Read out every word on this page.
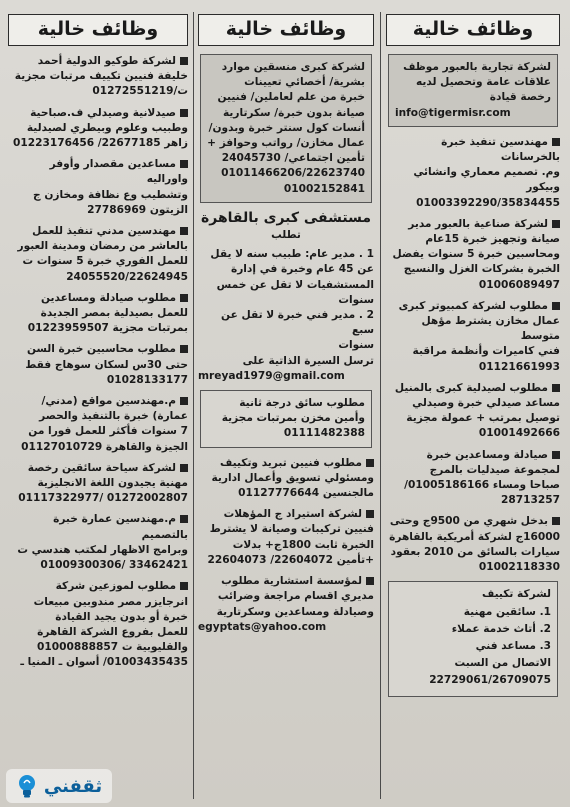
وظائف خالية
لشركة تجارية بالعبور موظف
علاقات عامة وتحصيل لديه
رخصة قيادة
info@tigermisr.com
مهندسين تنفيذ خبرة بالخرسانات
وم. تصميم معماري وانشائي وبيكور
01003392290/35834455
لشركة صناعية بالعبور مدير
صيانة وتجهيز خبرة 15عام
ومحاسبين خبرة 5 سنوات يفضل
الخبرة بشركات الغزل والنسيج
01006089497
مطلوب لشركة كمبيوتر كبرى
عمال مخازن يشترط مؤهل متوسط
فني كاميرات وأنظمة مراقبة
01121661993
مطلوب لصيدلية كبرى بالمنيل
مساعد صيدلي خبرة وصيدلي
توصيل بمرتب + عمولة مجزية
01001492666
صيادلة ومساعدين خبرة
لمجموعة صيدليات بالمرج
صباحا ومساء 01005186166/
28713257
بدخل شهري من 9500ج وحتى
16000ج لشركة أمريكية بالقاهرة
سيارات بالسائق من 2010 بعقود
01002118330
لشركة تكييف
1. سائقين مهنية
2. أتاث خدمة عملاء
3. مساعد فني
الاتصال من السبت
22729061/26709075
وظائف خالية
لشركة كبرى منسقين موارد
بشرية/ أخصائي تعيينات
خبرة من علم لعاملين/ فنيين
صيانة بدون خبرة/ سكرتارية
أنسات كول سنتر خبرة وبدون/
عمال مخازن/ رواتب وحوافز +
تأمين اجتماعي/ 24045730
01011466206/22623740
01002152841
مستشفى كبرى بالقاهرة
تطلب
1 . مدير عام: طبيب سنه لا يقل
عن 45 عام وخبرة في إدارة
المستشفيات لا تقل عن خمس
سنوات
2 . مدير فني خبرة لا تقل عن سبع
سنوات
ترسل السيرة الذاتية على
mreyad1979@gmail.com
مطلوب سائق درجة ثانية
وأمين مخزن بمرتبات مجزية
01111482388
مطلوب فنيين تبريد وتكييف
ومسئولي تسويق وأعمال ادارية
مالجنسين 01127776644
لشركة استيراد ج المؤهلات
فنيين تركيبات وصيانة لا يشترط
الخبرة ثابت 1800ج+ بدلات
+تأمين 22604072/ 22604073
لمؤسسة استشارية مطلوب
مديري اقسام مراجعة وضرائب
وصيادلة ومساعدين وسكرتارية
egyptats@yahoo.com
وظائف خالية
لشركة طوكيو الدولية أحمد
خليفة فنيين تكييف مرتبات مجزية
ت/01272551219
صيدلانية وصيدلي ف.صباحية
وطبيب وعلوم وبيطري لصيدلية
زاهر 22677185/ 01223176456
مساعدين مقصدار وأوفر واوراليه
وتشطيب وع نظافة ومخازن ج
الزيتون 27786969
مهندسين مدني تنفيذ للعمل
بالعاشر من رمضان ومدينة العبور
للعمل الفوري خبرة 5 سنوات ت
24055520/22624945
مطلوب صيادلة ومساعدين
للعمل بصيدلية بمصر الجديدة
بمرتبات مجزية 01223959507
مطلوب محاسبين خبرة السن
حتى 30س لسكان سوهاج فقط
01028133177
م.مهندسين مواقع (مدني/
عمارة) خبرة بالتنفيذ والحصر
7 سنوات فأكثر للعمل فورا من
الجيزة والقاهرة 01127010729
لشركة سياحة سائقين رخصة
مهنية يجيدون اللغة الانجليزية
01117322977/ 01272002807
م.مهندسين عمارة خبرة بالتصميم
وبرامج الاظهار لمكتب هندسي ت
01009300306/ 33462421
مطلوب لموزعين شركة
انرجايزر مصر مندوبين مبيعات
خبرة أو بدون يجيد القيادة
للعمل بفروع الشركة القاهرة
والقليوبية ت 01000888857
01003435435/ أسوان ـ المنيا ـ
ثقفني
